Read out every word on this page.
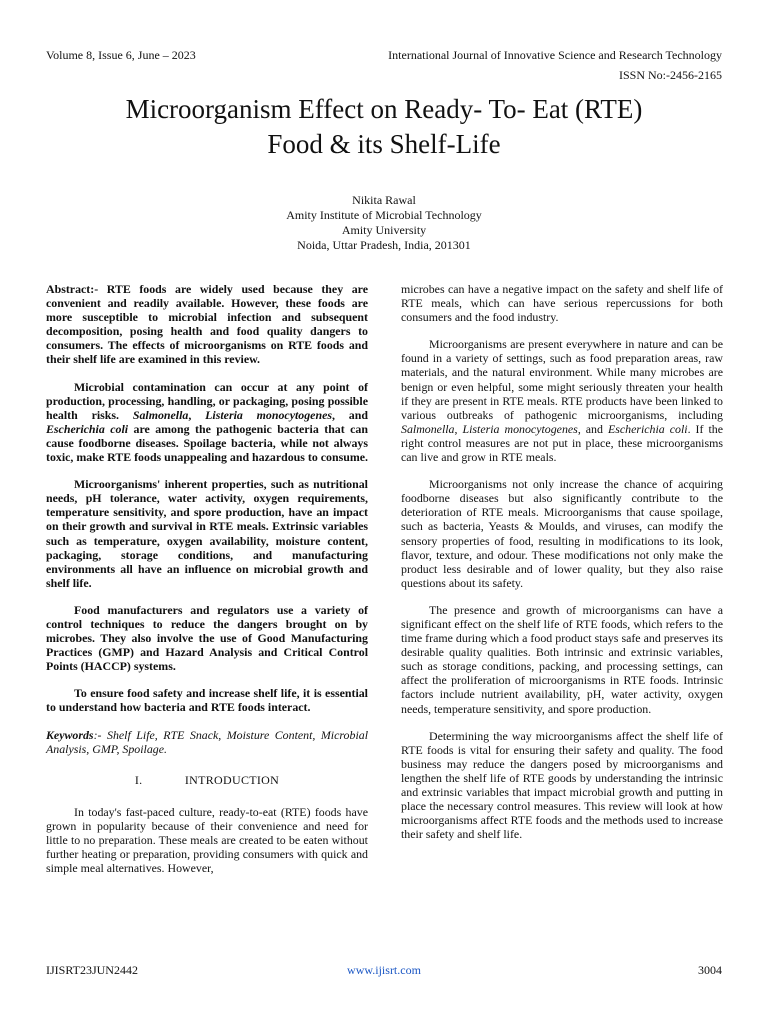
Volume 8, Issue 6, June – 2023	International Journal of Innovative Science and Research Technology
ISSN No:-2456-2165
Microorganism Effect on Ready- To- Eat (RTE)
Food & its Shelf-Life
Nikita Rawal
Amity Institute of Microbial Technology
Amity University
Noida, Uttar Pradesh, India, 201301

Abstract:- RTE foods are widely used because they are convenient and readily available. However, these foods are more susceptible to microbial infection and subsequent decomposition, posing health and food quality dangers to consumers. The effects of microorganisms on RTE foods and their shelf life are examined in this review.

Microbial contamination can occur at any point of production, processing, handling, or packaging, posing possible health risks. Salmonella, Listeria monocytogenes, and Escherichia coli are among the pathogenic bacteria that can cause foodborne diseases. Spoilage bacteria, while not always toxic, make RTE foods unappealing and hazardous to consume.

Microorganisms' inherent properties, such as nutritional needs, pH tolerance, water activity, oxygen requirements, temperature sensitivity, and spore production, have an impact on their growth and survival in RTE meals. Extrinsic variables such as temperature, oxygen availability, moisture content, packaging, storage conditions, and manufacturing environments all have an influence on microbial growth and shelf life.

Food manufacturers and regulators use a variety of control techniques to reduce the dangers brought on by microbes. They also involve the use of Good Manufacturing Practices (GMP) and Hazard Analysis and Critical Control Points (HACCP) systems.

To ensure food safety and increase shelf life, it is essential to understand how bacteria and RTE foods interact.

Keywords:- Shelf Life, RTE Snack, Moisture Content, Microbial Analysis, GMP, Spoilage.

I.	INTRODUCTION

In today's fast-paced culture, ready-to-eat (RTE) foods have grown in popularity because of their convenience and need for little to no preparation. These meals are created to be eaten without further heating or preparation, providing consumers with quick and simple meal alternatives. However,

microbes can have a negative impact on the safety and shelf life of RTE meals, which can have serious repercussions for both consumers and the food industry.

Microorganisms are present everywhere in nature and can be found in a variety of settings, such as food preparation areas, raw materials, and the natural environment. While many microbes are benign or even helpful, some might seriously threaten your health if they are present in RTE meals. RTE products have been linked to various outbreaks of pathogenic microorganisms, including Salmonella, Listeria monocytogenes, and Escherichia coli. If the right control measures are not put in place, these microorganisms can live and grow in RTE meals.

Microorganisms not only increase the chance of acquiring foodborne diseases but also significantly contribute to the deterioration of RTE meals. Microorganisms that cause spoilage, such as bacteria, Yeasts & Moulds, and viruses, can modify the sensory properties of food, resulting in modifications to its look, flavor, texture, and odour. These modifications not only make the product less desirable and of lower quality, but they also raise questions about its safety.

The presence and growth of microorganisms can have a significant effect on the shelf life of RTE foods, which refers to the time frame during which a food product stays safe and preserves its desirable quality qualities. Both intrinsic and extrinsic variables, such as storage conditions, packing, and processing settings, can affect the proliferation of microorganisms in RTE foods. Intrinsic factors include nutrient availability, pH, water activity, oxygen needs, temperature sensitivity, and spore production.

Determining the way microorganisms affect the shelf life of RTE foods is vital for ensuring their safety and quality. The food business may reduce the dangers posed by microorganisms and lengthen the shelf life of RTE goods by understanding the intrinsic and extrinsic variables that impact microbial growth and putting in place the necessary control measures. This review will look at how microorganisms affect RTE foods and the methods used to increase their safety and shelf life.

IJISRT23JUN2442	www.ijisrt.com	3004
